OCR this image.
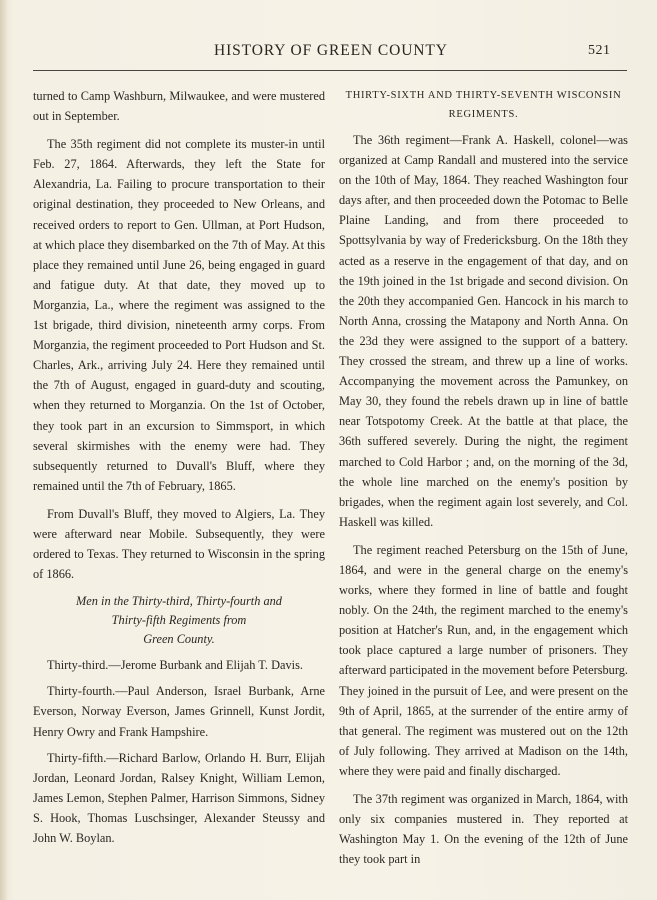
HISTORY OF GREEN COUNTY	521

turned to Camp Washburn, Milwaukee, and were mustered out in September.

The 35th regiment did not complete its muster-in until Feb. 27, 1864. Afterwards, they left the State for Alexandria, La. Failing to procure transportation to their original destination, they proceeded to New Orleans, and received orders to report to Gen. Ullman, at Port Hudson, at which place they disembarked on the 7th of May. At this place they remained until June 26, being engaged in guard and fatigue duty. At that date, they moved up to Morganzia, La., where the regiment was assigned to the 1st brigade, third division, nineteenth army corps. From Morganzia, the regiment proceeded to Port Hudson and St. Charles, Ark., arriving July 24. Here they remained until the 7th of August, engaged in guard-duty and scouting, when they returned to Morganzia. On the 1st of October, they took part in an excursion to Simmsport, in which several skirmishes with the enemy were had. They subsequently returned to Duvall's Bluff, where they remained until the 7th of February, 1865.

From Duvall's Bluff, they moved to Algiers, La. They were afterward near Mobile. Subsequently, they were ordered to Texas. They returned to Wisconsin in the spring of 1866.

Men in the Thirty-third, Thirty-fourth and
Thirty-fifth Regiments from
Green County.

Thirty-third.—Jerome Burbank and Elijah T. Davis.

Thirty-fourth.—Paul Anderson, Israel Burbank, Arne Everson, Norway Everson, James Grinnell, Kunst Jordit, Henry Owry and Frank Hampshire.

Thirty-fifth.—Richard Barlow, Orlando H. Burr, Elijah Jordan, Leonard Jordan, Ralsey Knight, William Lemon, James Lemon, Stephen Palmer, Harrison Simmons, Sidney S. Hook, Thomas Luschsinger, Alexander Steussy and John W. Boylan.

THIRTY-SIXTH AND THIRTY-SEVENTH WISCONSIN
REGIMENTS.

The 36th regiment—Frank A. Haskell, colonel—was organized at Camp Randall and mustered into the service on the 10th of May, 1864. They reached Washington four days after, and then proceeded down the Potomac to Belle Plaine Landing, and from there proceeded to Spottsylvania by way of Fredericksburg. On the 18th they acted as a reserve in the engagement of that day, and on the 19th joined in the 1st brigade and second division. On the 20th they accompanied Gen. Hancock in his march to North Anna, crossing the Matapony and North Anna. On the 23d they were assigned to the support of a battery. They crossed the stream, and threw up a line of works. Accompanying the movement across the Pamunkey, on May 30, they found the rebels drawn up in line of battle near Totspotomy Creek. At the battle at that place, the 36th suffered severely. During the night, the regiment marched to Cold Harbor ; and, on the morning of the 3d, the whole line marched on the enemy's position by brigades, when the regiment again lost severely, and Col. Haskell was killed.

The regiment reached Petersburg on the 15th of June, 1864, and were in the general charge on the enemy's works, where they formed in line of battle and fought nobly. On the 24th, the regiment marched to the enemy's position at Hatcher's Run, and, in the engagement which took place captured a large number of prisoners. They afterward participated in the movement before Petersburg. They joined in the pursuit of Lee, and were present on the 9th of April, 1865, at the surrender of the entire army of that general. The regiment was mustered out on the 12th of July following. They arrived at Madison on the 14th, where they were paid and finally discharged.

The 37th regiment was organized in March, 1864, with only six companies mustered in. They reported at Washington May 1. On the evening of the 12th of June they took part in
